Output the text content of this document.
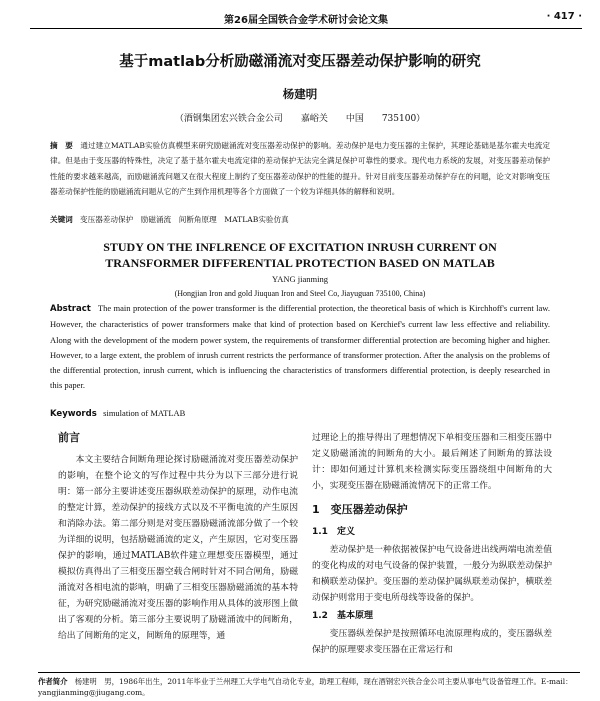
第26届全国铁合金学术研讨会论文集	· 417 ·
基于matlab分析励磁涌流对变压器差动保护影响的研究
杨建明
（酒钢集团宏兴铁合金公司　　嘉峪关　　中国　　735100）
摘　要 通过建立MATLAB实验仿真模型来研究励磁涌流对变压器差动保护的影响。差动保护是电力变压器的主保护，其理论基础是基尔霍夫电流定律。但是由于变压器的特殊性，决定了基于基尔霍夫电流定律的差动保护无法完全满足保护可靠性的要求。现代电力系统的发展，对变压器差动保护性能的要求越来越高，而励磁涌流问题又在很大程度上制约了变压器差动保护的性能的提升。针对目前变压器差动保护存在的问题，论文对影响变压器差动保护性能的励磁涌流问题从它的产生到作用机理等各个方面做了一个较为详细具体的解释和说明。
关键词 变压器差动保护　励磁涌流　间断角原理　MATLAB实验仿真
STUDY ON THE INFLRENCE OF EXCITATION INRUSH CURRENT ON TRANSFORMER DIFFERENTIAL PROTECTION BASED ON MATLAB
YANG jianming
(Hongjian Iron and gold Jiuquan Iron and Steel Co, Jiayuguan 735100, China)
Abstract The main protection of the power transformer is the differential protection, the theoretical basis of which is Kirchhoff's current law. However, the characteristics of power transformers make that kind of protection based on Kerchief's current law less effective and reliability. Along with the development of the modern power system, the requirements of transformer differential protection are becoming higher and higher. However, to a large extent, the problem of inrush current restricts the performance of transformer protection. After the analysis on the problems of the differential protection, inrush current, which is influencing the characteristics of transformers differential protection, is deeply researched in this paper.
Keywords simulation of MATLAB
前言

本文主要结合间断角理论探讨励磁涌流对变压器差动保护的影响，在整个论文的写作过程中共分为以下三部分进行说明：第一部分主要讲述变压器纵联差动保护的原理，动作电流的整定计算，差动保护的接线方式以及不平衡电流的产生原因和消除办法。第二部分则是对变压器励磁涌流部分做了一个较为详细的说明，包括励磁涌流的定义，产生原因，它对变压器保护的影响，通过MATLAB软件建立理想变压器模型，通过模拟仿真得出了三相变压器空载合闸时针对不同合闸角，励磁涌流对各相电流的影响，明确了三相变压器励磁涌流的基本特征，为研究励磁涌流对变压器的影响作用从具体的波形图上做出了客观的分析。第三部分主要说明了励磁涌流中的间断角，给出了间断角的定义，间断角的原理等，通

过理论上的推导得出了理想情况下单相变压器和三相变压器中定义励磁涌流的间断角的大小。最后阐述了间断角的算法设计：即如何通过计算机来检测实际变压器绕组中间断角的大小，实现变压器在励磁涌流情况下的正常工作。

1　变压器差动保护
1.1　定义

差动保护是一种依据被保护电气设备进出线两端电流差值的变化构成的对电气设备的保护装置，一般分为纵联差动保护和横联差动保护。变压器的差动保护属纵联差动保护，横联差动保护则常用于变电所母线等设备的保护。

1.2　基本原理

变压器纵差保护是按照循环电流原理构成的，变压器纵差保护的原理要求变压器在正常运行和

作者简介 杨建明　男，1986年出生，2011年毕业于兰州理工大学电气自动化专业，助理工程师，现在酒钢宏兴铁合金公司主要从事电气设备管理工作。E-mail：yangjianming@jiugang.com。
